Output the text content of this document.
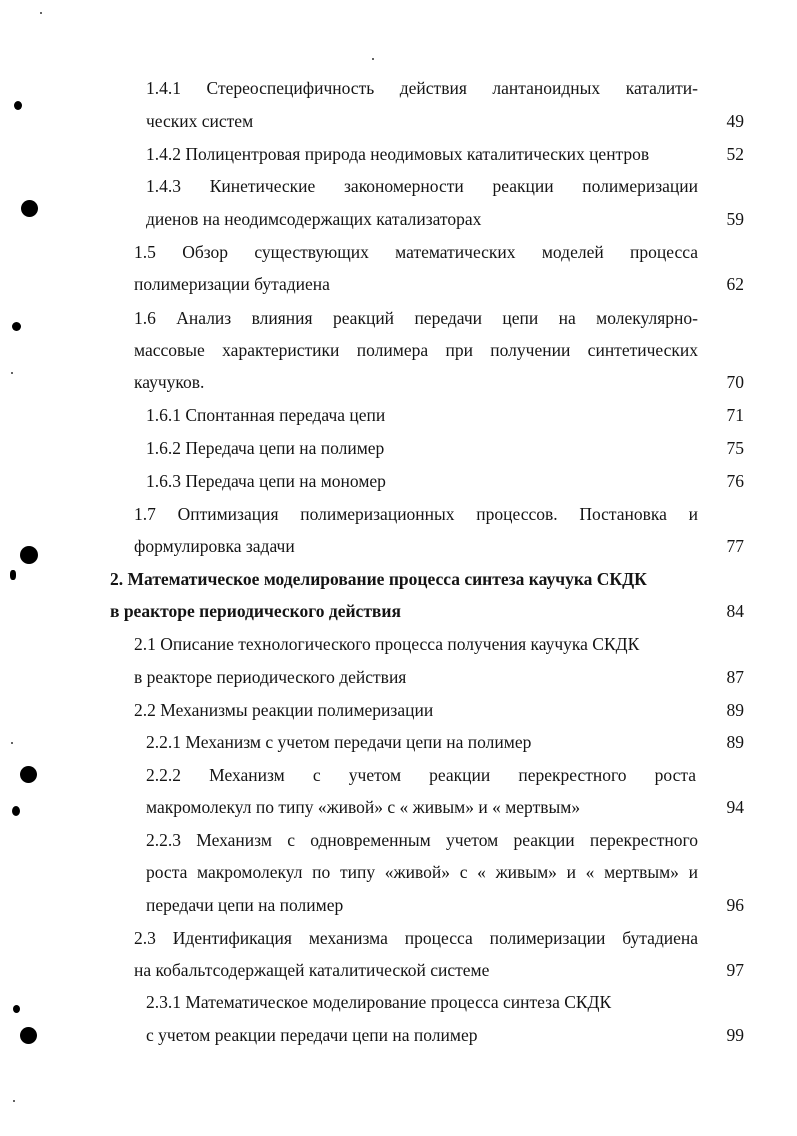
1.4.1 Стереоспецифичность действия лантаноидных каталити-
ческих систем	49
1.4.2 Полицентровая природа неодимовых каталитических центров	52
1.4.3 Кинетические закономерности реакции полимеризации
диенов на неодимсодержащих катализаторах	59
1.5 Обзор существующих математических моделей процесса
полимеризации бутадиена	62
1.6 Анализ влияния реакций передачи цепи на молекулярно-
массовые характеристики полимера при получении синтетических
каучуков.	70
1.6.1 Спонтанная передача цепи	71
1.6.2 Передача цепи на полимер	75
1.6.3 Передача цепи на мономер	76
1.7 Оптимизация полимеризационных процессов. Постановка и
формулировка задачи	77
2. Математическое моделирование процесса синтеза каучука СКДК
в реакторе периодического действия	84
2.1 Описание технологического процесса получения каучука СКДК
в реакторе периодического действия	87
2.2 Механизмы реакции полимеризации	89
2.2.1 Механизм с учетом передачи цепи на полимер	89
2.2.2 Механизм с учетом реакции перекрестного роста
макромолекул по типу «живой» с « живым» и « мертвым»	94
2.2.3 Механизм с одновременным учетом реакции перекрестного
роста макромолекул по типу «живой» с « живым» и « мертвым» и
передачи цепи на полимер	96
2.3 Идентификация механизма процесса полимеризации бутадиена
на кобальтсодержащей каталитической системе	97
2.3.1 Математическое моделирование процесса синтеза СКДК
с учетом реакции передачи цепи на полимер	99
